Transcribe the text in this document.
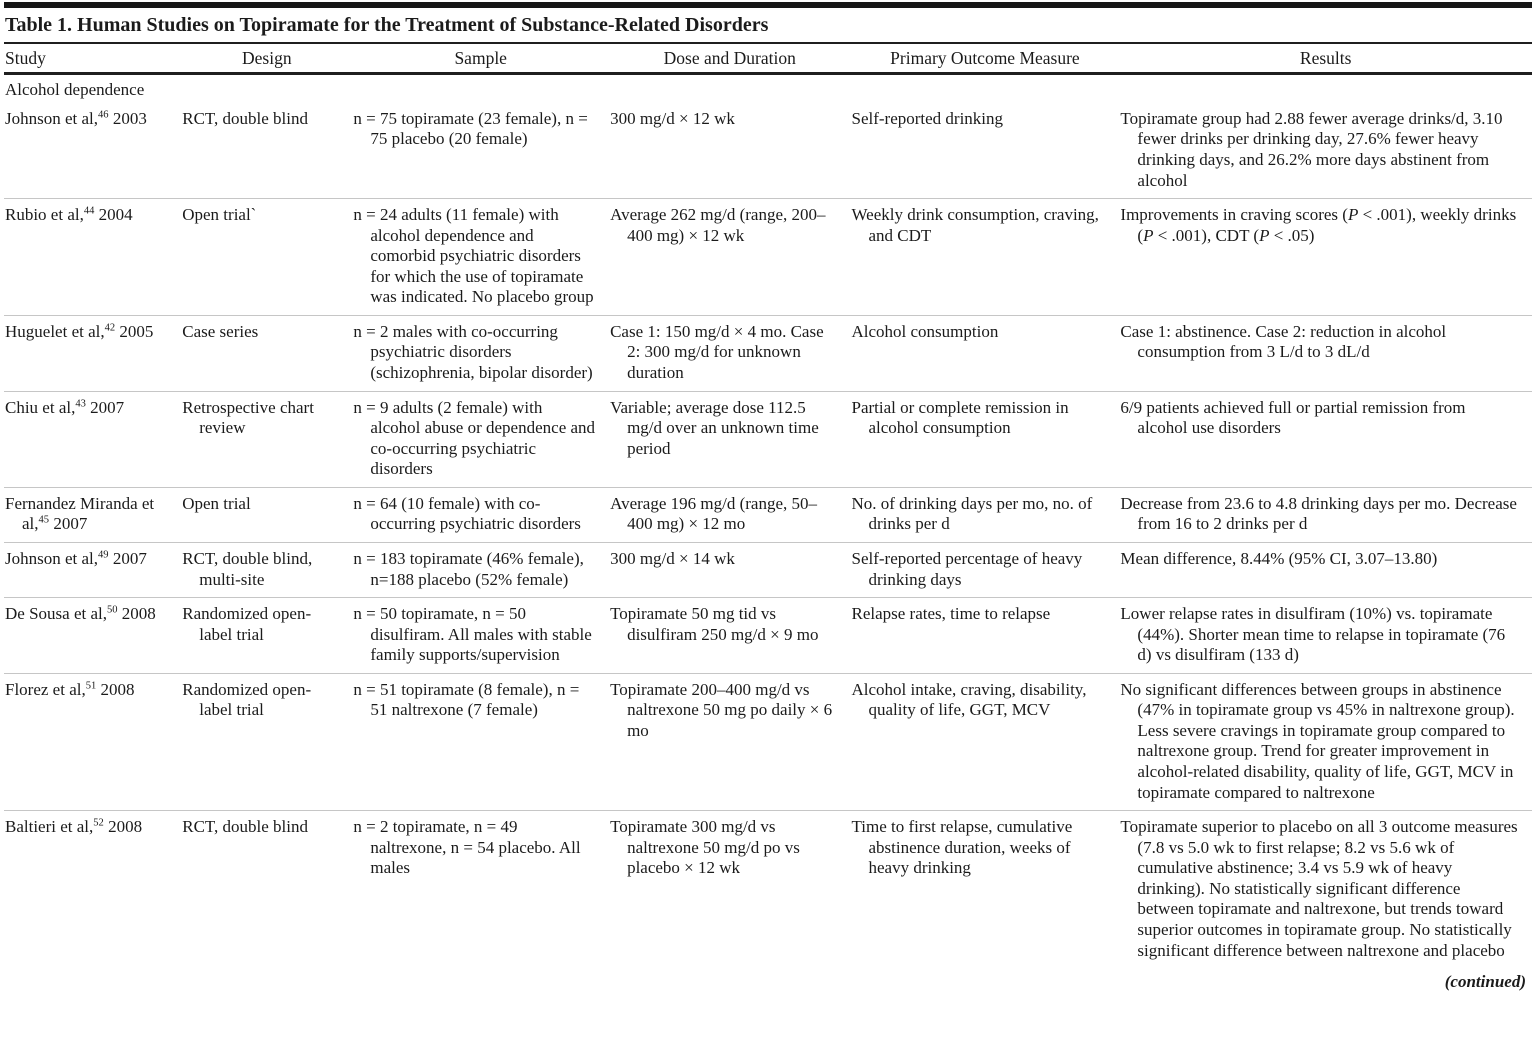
Table 1. Human Studies on Topiramate for the Treatment of Substance-Related Disorders
Study	Design	Sample	Dose and Duration	Primary Outcome Measure	Results
Alcohol dependence					

Johnson et al,$^{46}$ 2003	RCT, double blind	n = 75 topiramate (23 female), n = 75 placebo (20 female)	300 mg/d × 12 wk	Self-reported drinking	Topiramate group had 2.88 fewer average drinks/d, 3.10 fewer drinks per drinking day, 27.6% fewer heavy drinking days, and 26.2% more days abstinent from alcohol

Rubio et al,$^{44}$ 2004	Open trial`	n = 24 adults (11 female) with alcohol dependence and comorbid psychiatric disorders for which the use of topiramate was indicated. No placebo group	Average 262 mg/d (range, 200–400 mg) × 12 wk	Weekly drink consumption, craving, and CDT	Improvements in craving scores (P < .001), weekly drinks (P < .001), CDT (P < .05)

Huguelet et al,$^{42}$ 2005	Case series	n = 2 males with co-occurring psychiatric disorders (schizophrenia, bipolar disorder)	Case 1: 150 mg/d × 4 mo. Case 2: 300 mg/d for unknown duration	Alcohol consumption	Case 1: abstinence. Case 2: reduction in alcohol consumption from 3 L/d to 3 dL/d

Chiu et al,$^{43}$ 2007	Retrospective chart review	n = 9 adults (2 female) with alcohol abuse or dependence and co-occurring psychiatric disorders	Variable; average dose 112.5 mg/d over an unknown time period	Partial or complete remission in alcohol consumption	6/9 patients achieved full or partial remission from alcohol use disorders

Fernandez Miranda et al,$^{45}$ 2007	Open trial	n = 64 (10 female) with co-occurring psychiatric disorders	Average 196 mg/d (range, 50–400 mg) × 12 mo	No. of drinking days per mo, no. of drinks per d	Decrease from 23.6 to 4.8 drinking days per mo. Decrease from 16 to 2 drinks per d

Johnson et al,$^{49}$ 2007	RCT, double blind, multi-site	n = 183 topiramate (46% female), n=188 placebo (52% female)	300 mg/d × 14 wk	Self-reported percentage of heavy drinking days	Mean difference, 8.44% (95% CI, 3.07–13.80)

De Sousa et al,$^{50}$ 2008	Randomized open-label trial	n = 50 topiramate, n = 50 disulfiram. All males with stable family supports/supervision	Topiramate 50 mg tid vs disulfiram 250 mg/d × 9 mo	Relapse rates, time to relapse	Lower relapse rates in disulfiram (10%) vs. topiramate (44%). Shorter mean time to relapse in topiramate (76 d) vs disulfiram (133 d)

Florez et al,$^{51}$ 2008	Randomized open-label trial	n = 51 topiramate (8 female), n = 51 naltrexone (7 female)	Topiramate 200–400 mg/d vs naltrexone 50 mg po daily × 6 mo	Alcohol intake, craving, disability, quality of life, GGT, MCV	No significant differences between groups in abstinence (47% in topiramate group vs 45% in naltrexone group). Less severe cravings in topiramate group compared to naltrexone group. Trend for greater improvement in alcohol-related disability, quality of life, GGT, MCV in topiramate compared to naltrexone

Baltieri et al,$^{52}$ 2008	RCT, double blind	n = 2 topiramate, n = 49 naltrexone, n = 54 placebo. All males	Topiramate 300 mg/d vs naltrexone 50 mg/d po vs placebo × 12 wk	Time to first relapse, cumulative abstinence duration, weeks of heavy drinking	Topiramate superior to placebo on all 3 outcome measures (7.8 vs 5.0 wk to first relapse; 8.2 vs 5.6 wk of cumulative abstinence; 3.4 vs 5.9 wk of heavy drinking). No statistically significant difference between topiramate and naltrexone, but trends toward superior outcomes in topiramate group. No statistically significant difference between naltrexone and placebo
(continued)
